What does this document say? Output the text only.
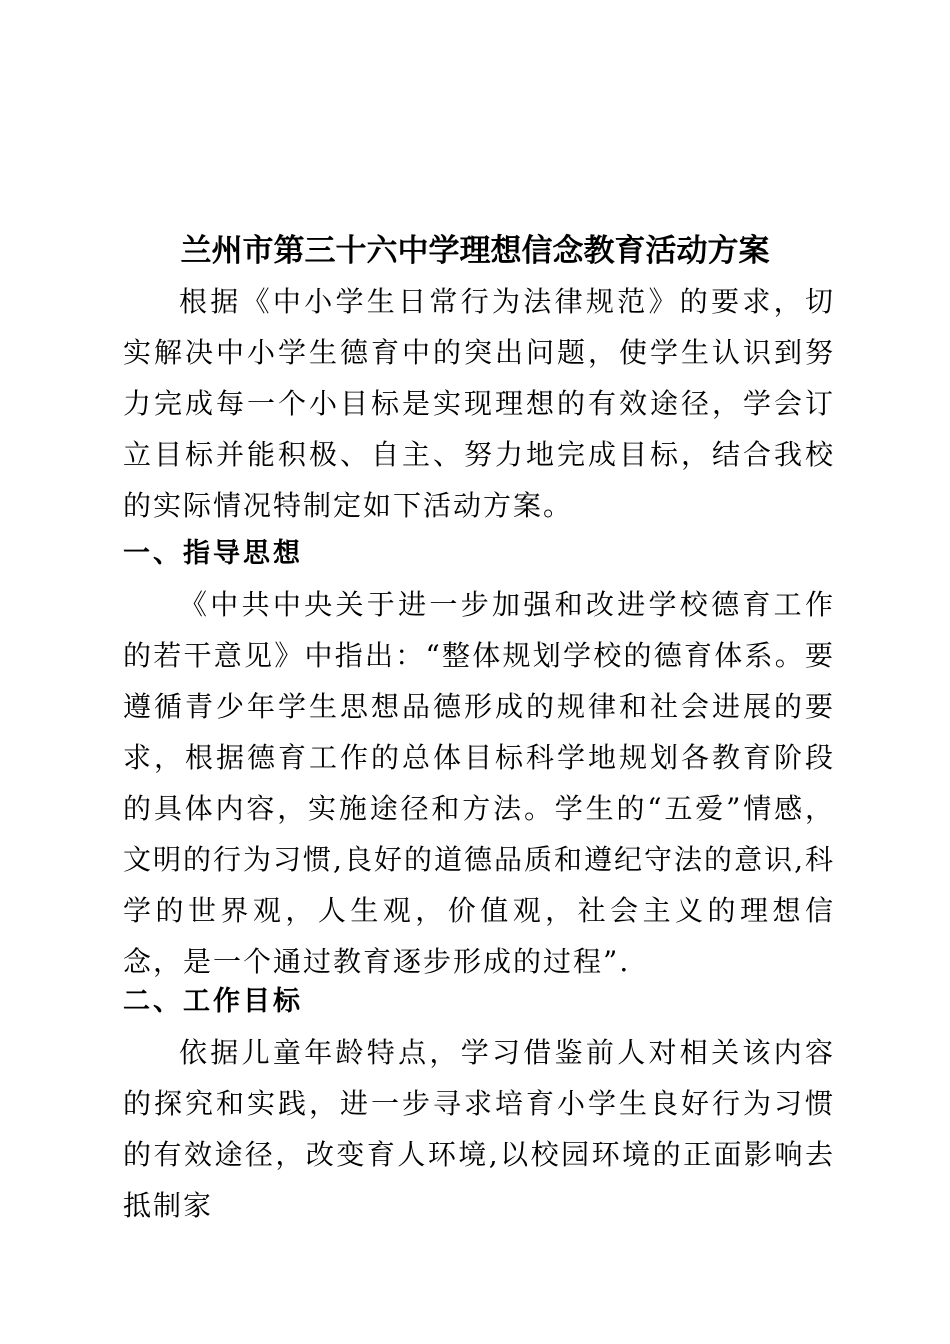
兰州市第三十六中学理想信念教育活动方案
根据《中小学生日常行为法律规范》的要求，切实解决中小学生德育中的突出问题，使学生认识到努力完成每一个小目标是实现理想的有效途径，学会订立目标并能积极、自主、努力地完成目标，结合我校的实际情况特制定如下活动方案。
一、指导思想
《中共中央关于进一步加强和改进学校德育工作的若干意见》中指出：“整体规划学校的德育体系。要遵循青少年学生思想品德形成的规律和社会进展的要求，根据德育工作的总体目标科学地规划各教育阶段的具体内容，实施途径和方法。学生的“五爱”情感，文明的行为习惯,良好的道德品质和遵纪守法的意识,科学的世界观，人生观，价值观，社会主义的理想信念，是一个通过教育逐步形成的过程”.
二、工作目标
依据儿童年龄特点，学习借鉴前人对相关该内容的探究和实践，进一步寻求培育小学生良好行为习惯的有效途径，改变育人环境,以校园环境的正面影响去抵制家
